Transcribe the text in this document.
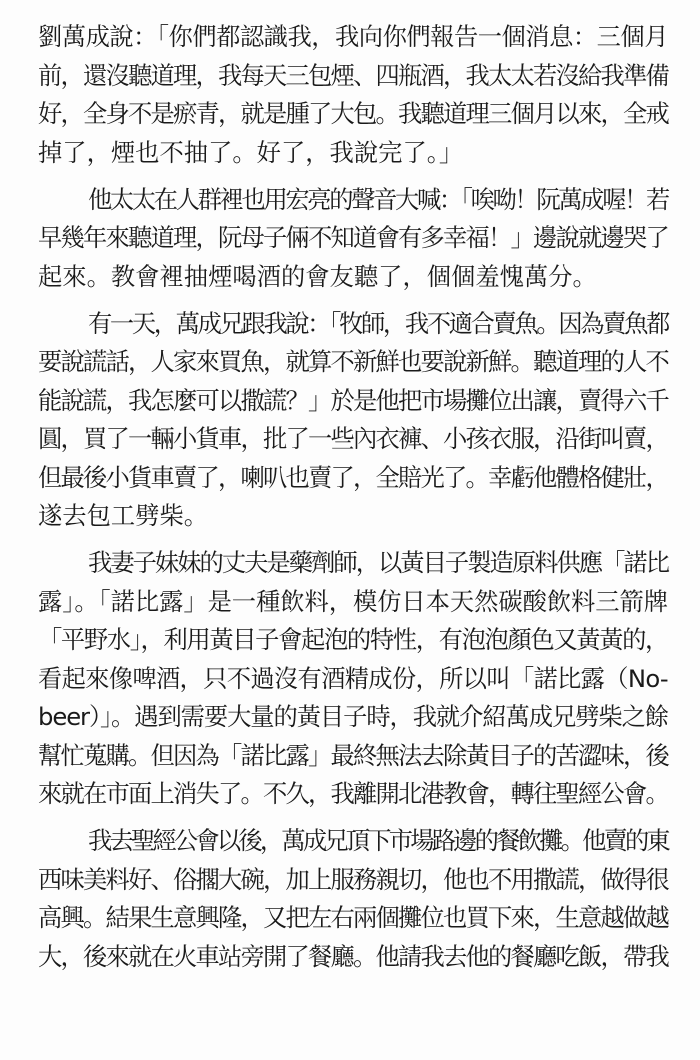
劉萬成說：「你們都認識我，我向你們報告一個消息：三個月
前，還沒聽道理，我每天三包煙、四瓶酒，我太太若沒給我準備
好，全身不是瘀青，就是腫了大包。我聽道理三個月以來，全戒
掉了，煙也不抽了。好了，我說完了。」
他太太在人群裡也用宏亮的聲音大喊：「唉呦！阮萬成喔！若
早幾年來聽道理，阮母子倆不知道會有多幸福！」邊說就邊哭了
起來。教會裡抽煙喝酒的會友聽了，個個羞愧萬分。
有一天，萬成兄跟我說：「牧師，我不適合賣魚。因為賣魚都
要說謊話，人家來買魚，就算不新鮮也要說新鮮。聽道理的人不
能說謊，我怎麼可以撒謊？」於是他把市場攤位出讓，賣得六千
圓，買了一輛小貨車，批了一些內衣褲、小孩衣服，沿街叫賣，
但最後小貨車賣了，喇叭也賣了，全賠光了。幸虧他體格健壯，
遂去包工劈柴。
我妻子妹妹的丈夫是藥劑師，以黃目子製造原料供應「諾比
露」。「諾比露」是一種飲料，模仿日本天然碳酸飲料三箭牌
「平野水」，利用黃目子會起泡的特性，有泡泡顏色又黃黃的，
看起來像啤酒，只不過沒有酒精成份，所以叫「諾比露（No-
beer）」。遇到需要大量的黃目子時，我就介紹萬成兄劈柴之餘
幫忙蒐購。但因為「諾比露」最終無法去除黃目子的苦澀味，後
來就在市面上消失了。不久，我離開北港教會，轉往聖經公會。
我去聖經公會以後，萬成兄頂下市場路邊的餐飲攤。他賣的東
西味美料好、俗擱大碗，加上服務親切，他也不用撒謊，做得很
高興。結果生意興隆，又把左右兩個攤位也買下來，生意越做越
大，後來就在火車站旁開了餐廳。他請我去他的餐廳吃飯，帶我
